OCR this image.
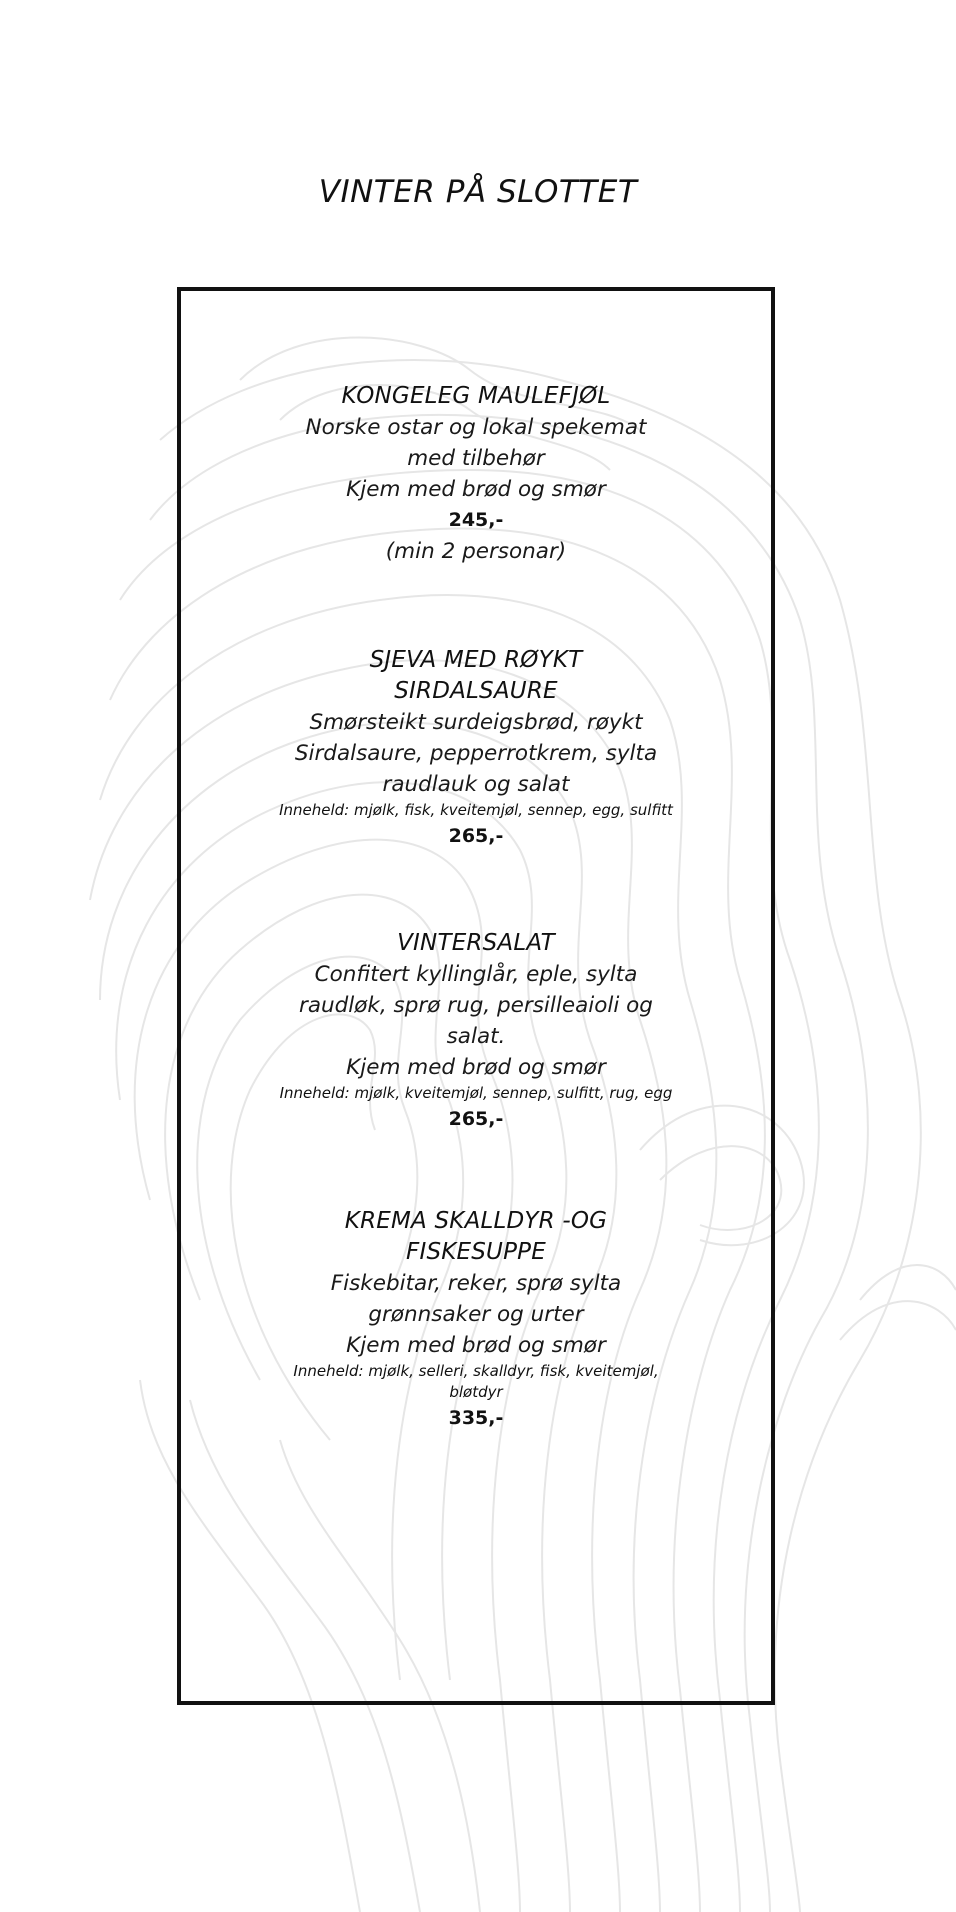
VINTER PÅ SLOTTET
KONGELEG MAULEFJØL
Norske ostar og lokal spekemat
med tilbehør
Kjem med brød og smør
245,-
(min 2 personar)
SJEVA MED RØYKT
SIRDALSAURE
Smørsteikt surdeigsbrød, røykt
Sirdalsaure, pepperrotkrem, sylta
raudlauk og salat
Inneheld: mjølk, fisk, kveitemjøl, sennep, egg, sulfitt
265,-
VINTERSALAT
Confitert kyllinglår, eple, sylta
raudløk, sprø rug, persilleaioli og
salat.
Kjem med brød og smør
Inneheld: mjølk, kveitemjøl, sennep, sulfitt, rug, egg
265,-
KREMA SKALLDYR -OG
FISKESUPPE
Fiskebitar, reker, sprø sylta
grønnsaker og urter
Kjem med brød og smør
Inneheld: mjølk, selleri, skalldyr, fisk, kveitemjøl,
bløtdyr
335,-
